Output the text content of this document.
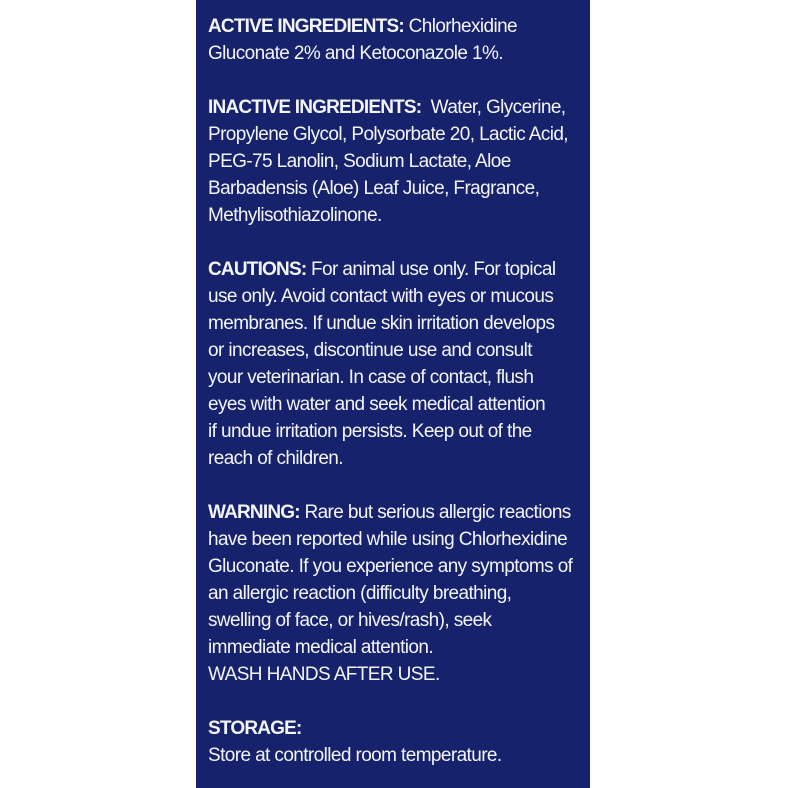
ACTIVE INGREDIENTS: Chlorhexidine
Gluconate 2% and Ketoconazole 1%.
INACTIVE INGREDIENTS:  Water, Glycerine,
Propylene Glycol, Polysorbate 20, Lactic Acid,
PEG-75 Lanolin, Sodium Lactate, Aloe
Barbadensis (Aloe) Leaf Juice, Fragrance,
Methylisothiazolinone.
CAUTIONS: For animal use only. For topical
use only. Avoid contact with eyes or mucous
membranes. If undue skin irritation develops
or increases, discontinue use and consult
your veterinarian. In case of contact, flush
eyes with water and seek medical attention
if undue irritation persists. Keep out of the
reach of children.
WARNING: Rare but serious allergic reactions
have been reported while using Chlorhexidine
Gluconate. If you experience any symptoms of
an allergic reaction (difficulty breathing,
swelling of face, or hives/rash), seek
immediate medical attention.
WASH HANDS AFTER USE.
STORAGE:
Store at controlled room temperature.
